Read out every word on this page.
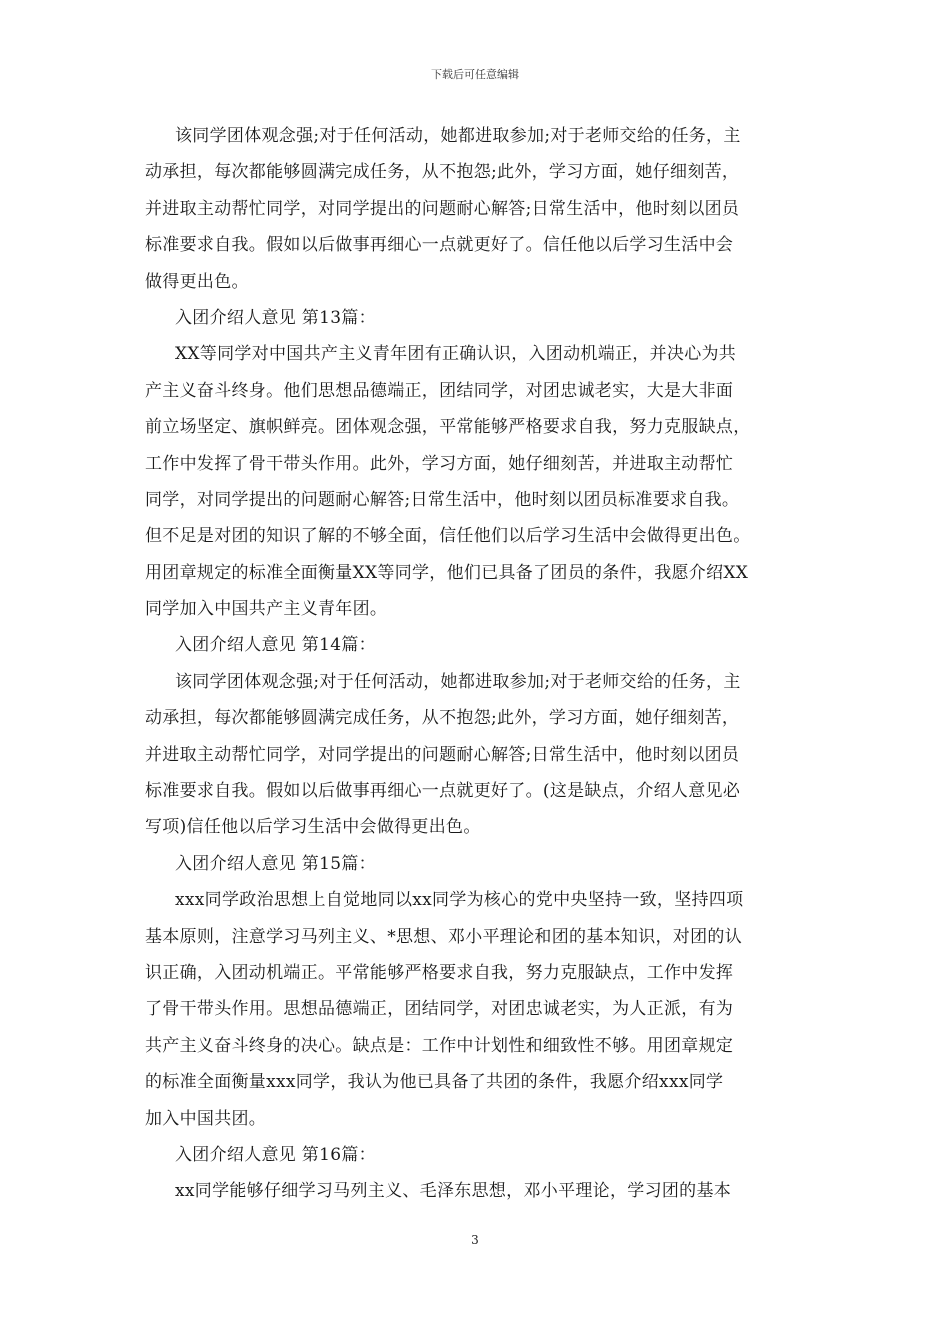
下载后可任意编辑
该同学团体观念强;对于任何活动，她都进取参加;对于老师交给的任务，主
动承担，每次都能够圆满完成任务，从不抱怨;此外，学习方面，她仔细刻苦，
并进取主动帮忙同学，对同学提出的问题耐心解答;日常生活中，他时刻以团员
标准要求自我。假如以后做事再细心一点就更好了。信任他以后学习生活中会
做得更出色。
入团介绍人意见 第13篇：
XX等同学对中国共产主义青年团有正确认识，入团动机端正，并决心为共
产主义奋斗终身。他们思想品德端正，团结同学，对团忠诚老实，大是大非面
前立场坚定、旗帜鲜亮。团体观念强，平常能够严格要求自我，努力克服缺点，
工作中发挥了骨干带头作用。此外，学习方面，她仔细刻苦，并进取主动帮忙
同学，对同学提出的问题耐心解答;日常生活中，他时刻以团员标准要求自我。
但不足是对团的知识了解的不够全面，信任他们以后学习生活中会做得更出色。
用团章规定的标准全面衡量XX等同学，他们已具备了团员的条件，我愿介绍XX
同学加入中国共产主义青年团。
入团介绍人意见 第14篇：
该同学团体观念强;对于任何活动，她都进取参加;对于老师交给的任务，主
动承担，每次都能够圆满完成任务，从不抱怨;此外，学习方面，她仔细刻苦，
并进取主动帮忙同学，对同学提出的问题耐心解答;日常生活中，他时刻以团员
标准要求自我。假如以后做事再细心一点就更好了。(这是缺点，介绍人意见必
写项)信任他以后学习生活中会做得更出色。
入团介绍人意见 第15篇：
xxx同学政治思想上自觉地同以xx同学为核心的党中央坚持一致，坚持四项
基本原则，注意学习马列主义、*思想、邓小平理论和团的基本知识，对团的认
识正确，入团动机端正。平常能够严格要求自我，努力克服缺点，工作中发挥
了骨干带头作用。思想品德端正，团结同学，对团忠诚老实，为人正派，有为
共产主义奋斗终身的决心。缺点是：工作中计划性和细致性不够。用团章规定
的标准全面衡量xxx同学，我认为他已具备了共团的条件，我愿介绍xxx同学
加入中国共团。
入团介绍人意见 第16篇：
xx同学能够仔细学习马列主义、毛泽东思想，邓小平理论，学习团的基本
3
